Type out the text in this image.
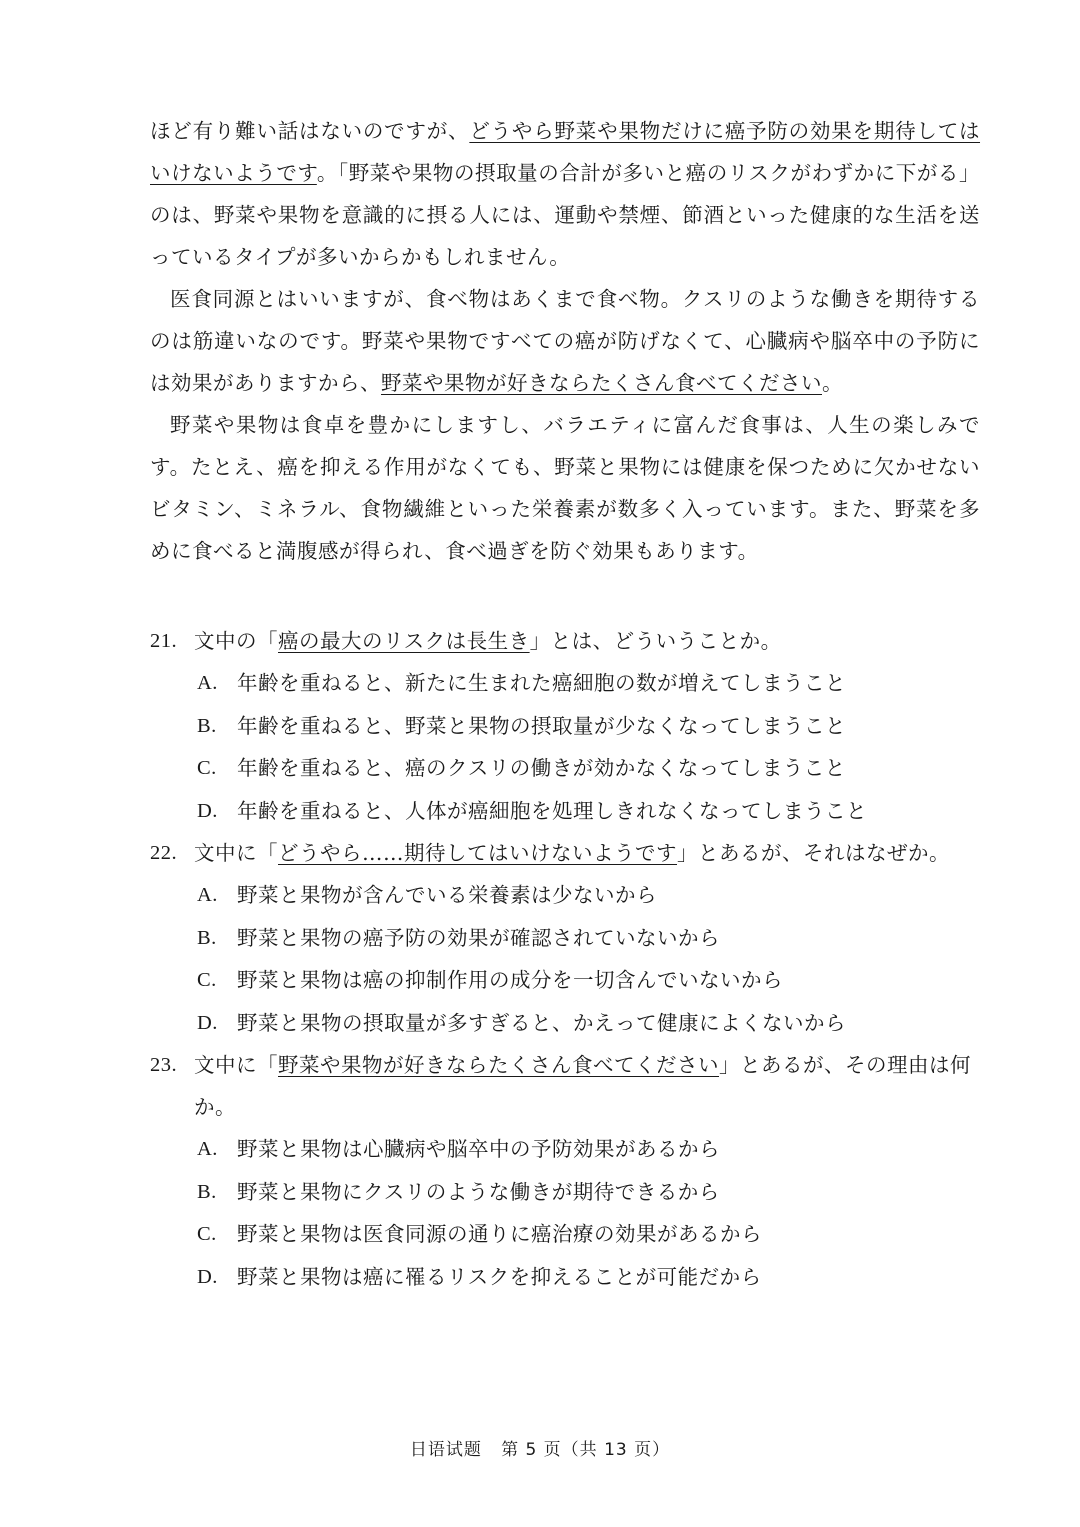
ほど有り難い話はないのですが、どうやら野菜や果物だけに癌予防の効果を期待してはいけないようです。「野菜や果物の摂取量の合計が多いと癌のリスクがわずかに下がる」のは、野菜や果物を意識的に摂る人には、運動や禁煙、節酒といった健康的な生活を送っているタイプが多いからかもしれません。

医食同源とはいいますが、食べ物はあくまで食べ物。クスリのような働きを期待するのは筋違いなのです。野菜や果物ですべての癌が防げなくて、心臓病や脳卒中の予防には効果がありますから、野菜や果物が好きならたくさん食べてください。

野菜や果物は食卓を豊かにしますし、バラエティに富んだ食事は、人生の楽しみです。たとえ、癌を抑える作用がなくても、野菜と果物には健康を保つために欠かせないビタミン、ミネラル、食物繊維といった栄養素が数多く入っています。また、野菜を多めに食べると満腹感が得られ、食べ過ぎを防ぐ効果もあります。

21. 文中の「癌の最大のリスクは長生き」とは、どういうことか。
A. 年齢を重ねると、新たに生まれた癌細胞の数が増えてしまうこと
B. 年齢を重ねると、野菜と果物の摂取量が少なくなってしまうこと
C. 年齢を重ねると、癌のクスリの働きが効かなくなってしまうこと
D. 年齢を重ねると、人体が癌細胞を処理しきれなくなってしまうこと
22. 文中に「どうやら……期待してはいけないようです」とあるが、それはなぜか。
A. 野菜と果物が含んでいる栄養素は少ないから
B. 野菜と果物の癌予防の効果が確認されていないから
C. 野菜と果物は癌の抑制作用の成分を一切含んでいないから
D. 野菜と果物の摂取量が多すぎると、かえって健康によくないから
23. 文中に「野菜や果物が好きならたくさん食べてください」とあるが、その理由は何か。
A. 野菜と果物は心臓病や脳卒中の予防効果があるから
B. 野菜と果物にクスリのような働きが期待できるから
C. 野菜と果物は医食同源の通りに癌治療の効果があるから
D. 野菜と果物は癌に罹るリスクを抑えることが可能だから
日语试题 第 5 页（共 13 页）
